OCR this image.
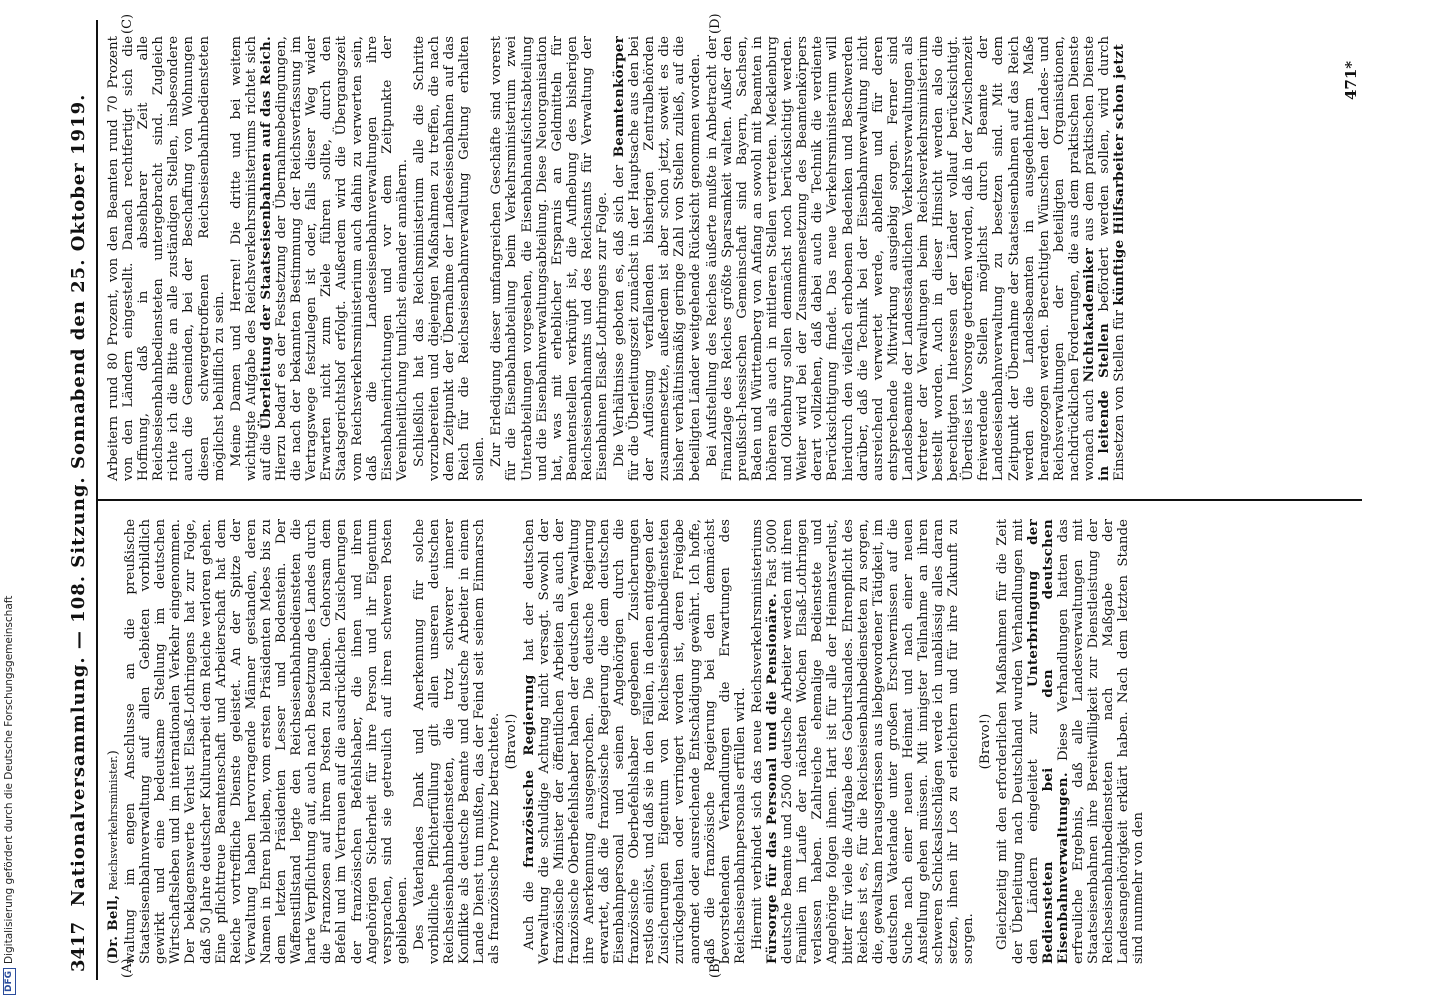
3417
Nationalversammlung. — 108. Sitzung. Sonnabend den 25. Oktober 1919.
(A)	(B)
(C)	(D)

(Dr. Bell, Reichsverkehrsminister.) waltung im engen Anschlusse an die preußische Staatseisenbahnverwaltung auf allen Gebieten vorbildlich gewirkt und eine bedeutsame Stellung im deutschen Wirtschaftsleben und im internationalen Verkehr eingenommen. Der beklagenswerte Verlust Elsaß-Lothringens hat zur Folge, daß 50 Jahre deutscher Kulturarbeit dem Reiche verloren gehen. Eine pflichttreue Beamtenschaft und Arbeiterschaft hat dem Reiche vortreffliche Dienste geleistet. An der Spitze der Verwaltung haben hervorragende Männer gestanden, deren Namen in Ehren bleiben, vom ersten Präsidenten Mebes bis zu dem letzten Präsidenten Lesser und Bodenstein. Der Waffenstillstand legte den Reichseisenbahnbediensteten die harte Verpflichtung auf, auch nach Besetzung des Landes durch die Franzosen auf ihrem Posten zu bleiben. Gehorsam dem Befehl und im Vertrauen auf die ausdrücklichen Zusicherungen der französischen Befehlshaber, die ihnen und ihren Angehörigen Sicherheit für ihre Person und ihr Eigentum versprachen, sind sie getreulich auf ihren schweren Posten gebliebenen. Des Vaterlandes Dank und Anerkennung für solche vorbildliche Pflichterfüllung gilt allen unseren deutschen Reichseisenbahnbediensteten, die trotz schwerer innerer Konflikte als deutsche Beamte und deutsche Arbeiter in einem Lande Dienst tun mußten, das der Feind seit seinem Einmarsch als französische Provinz betrachtete. (Bravo!)

Auch die französische Regierung hat der deutschen Verwaltung die schuldige Achtung nicht versagt. Sowohl der französische Minister der öffentlichen Arbeiten als auch der französische Oberbefehlshaber haben der deutschen Verwaltung ihre Anerkennung ausgesprochen. Die deutsche Regierung erwartet, daß die französische Regierung die dem deutschen Eisenbahnpersonal und seinen Angehörigen durch die französische Oberbefehlshaber gegebenen Zusicherungen restlos einlöst, und daß sie in den Fällen, in denen entgegen der Zusicherungen Eigentum von Reichseisenbahnbediensteten zurückgehalten oder verringert worden ist, deren Freigabe anordnet oder ausreichende Entschädigung gewährt. Ich hoffe, daß die französische Regierung bei den demnächst bevorstehenden Verhandlungen die Erwartungen des Reichseisenbahnpersonals erfüllen wird. Hiermit verbindet sich das neue Reichsverkehrsministeriums Fürsorge für das Personal und die Pensionäre. Fast 5000 deutsche Beamte und 2500 deutsche Arbeiter werden mit ihren Familien im Laufe der nächsten Wochen Elsaß-Lothringen verlassen haben. Zahlreiche ehemalige Bedienstete und Angehörige folgen ihnen. Hart ist für alle der Heimatsverlust, bitter für viele die Aufgabe des Geburtslandes. Ehrenpflicht des Reiches ist es, für die Reichseisenbahnbediensteten zu sorgen, die, gewaltsam herausgerissen aus liebgewordener Tätigkeit, im deutschen Vaterlande unter großen Erschwernissen auf die Suche nach einer neuen Heimat und nach einer neuen Anstellung gehen müssen. Mit innigster Teilnahme an ihren schweren Schicksalsschlägen werde ich unablässig alles daran setzen, ihnen ihr Los zu erleichtern und für ihre Zukunft zu sorgen.

(Bravo!) Gleichzeitig mit den erforderlichen Maßnahmen für die Zeit der Überleitung nach Deutschland wurden Verhandlungen mit den Ländern eingeleitet zur Unterbringung der Bediensteten bei den deutschen Eisenbahnverwaltungen. Diese Verhandlungen hatten das erfreuliche Ergebnis, daß alle Landesverwaltungen mit Staatseisenbahnen ihre Bereitwilligkeit zur Dienstleistung der Reichseisenbahnbediensteten nach Maßgabe der Landesangehörigkeit erklärt haben. Nach dem letzten Stande sind nunmehr von den

Arbeitern rund 80 Prozent, von den Beamten rund 70 Prozent von den Ländern eingestellt. Danach rechtfertigt sich die Hoffnung, daß in absehbarer Zeit alle Reichseisenbahnbediensteten untergebracht sind. Zugleich richte ich die Bitte an alle zuständigen Stellen, insbesondere auch die Gemeinden, bei der Beschaffung von Wohnungen diesen schwergetroffenen Reichseisenbahnbediensteten möglichst behilflich zu sein. Meine Damen und Herren! Die dritte und bei weitem wichtigste Aufgabe des Reichsverkehrsministeriums richtet sich auf die Überleitung der Staatseisenbahnen auf das Reich. Hierzu bedarf es der Festsetzung der Übernahmebedingungen, die nach der bekannten Bestimmung der Reichsverfassung im Vertragswege festzulegen ist oder, falls dieser Weg wider Erwarten nicht zum Ziele führen sollte, durch den Staatsgerichtshof erfolgt. Außerdem wird die Übergangszeit vom Reichsverkehrsministerium auch dahin zu verwerten sein, daß die Landeseisenbahnverwaltungen ihre Eisenbahneinrichtungen und vor dem Zeitpunkte der Vereinheitlichung tunlichst einander annähern. Schließlich hat das Reichsministerium alle die Schritte vorzubereiten und diejenigen Maßnahmen zu treffen, die nach dem Zeitpunkt der Übernahme der Landeseisenbahnen auf das Reich für die Reichseisenbahnverwaltung Geltung erhalten sollen. Zur Erledigung dieser umfangreichen Geschäfte sind vorerst für die Eisenbahnabteilung beim Verkehrsministerium zwei Unterabteilungen vorgesehen, die Eisenbahnaufsichtsabteilung und die Eisenbahnverwaltungsabteilung. Diese Neuorganisation hat, was mit erheblicher Ersparnis an Geldmitteln für Beamtenstellen verknüpft ist, die Aufhebung des bisherigen Reichseisenbahnamts und des Reichsamts für Verwaltung der Eisenbahnen Elsaß-Lothringens zur Folge. Die Verhältnisse geboten es, daß sich der Beamtenkörper für die Überleitungszeit zunächst in der Hauptsache aus den bei der Auflösung verfallenden bisherigen Zentralbehörden zusammensetzte, außerdem ist aber schon jetzt, soweit es die bisher verhältnismäßig geringe Zahl von Stellen zuließ, auf die beteiligten Länder weitgehende Rücksicht genommen worden. Bei Aufstellung des Reiches äußerte mußte in Anbetracht der Finanzlage des Reiches größte Sparsamkeit walten. Außer den preußisch-hessischen Gemeinschaft sind Bayern, Sachsen, Baden und Württemberg von Anfang an sowohl mit Beamten in höheren als auch in mittleren Stellen vertreten. Mecklenburg und Oldenburg sollen demnächst noch berücksichtigt werden. Weiter wird bei der Zusammensetzung des Beamtenkörpers derart vollziehen, daß dabei auch die Technik die verdiente Berücksichtigung findet. Das neue Verkehrsministerium will hierdurch den vielfach erhobenen Bedenken und Beschwerden darüber, daß die Technik bei der Eisenbahnverwaltung nicht ausreichend verwertet werde, abhelfen und für deren entsprechende Mitwirkung ausgiebig sorgen. Ferner sind Landesbeamte der Landesstaatlichen Verkehrsverwaltungen als Vertreter der Verwaltungen beim Reichsverkehrsministerium bestellt worden. Auch in dieser Hinsicht werden also die berechtigten Interessen der Länder vollauf berücksichtigt. Überdies ist Vorsorge getroffen worden, daß in der Zwischenzeit freiwerdende Stellen möglichst durch Beamte der Landeseisenbahnverwaltung zu besetzen sind. Mit dem Zeitpunkt der Übernahme der Staatseisenbahnen auf das Reich werden die Landesbeamten in ausgedehntem Maße herangezogen werden. Berechtigten Wünschen der Landes- und Reichsverwaltungen der beteiligten Organisationen, nachdrücklichen Forderungen, die aus dem praktischen Dienste wonach auch Nichtakademiker aus dem praktischen Dienste in leitende Stellen befördert werden sollen, wird durch Einsetzen von Stellen für künftige Hilfsarbeiter schon jetzt	471*
DFG
Digitalisierung gefördert durch die Deutsche Forschungsgemeinschaft
